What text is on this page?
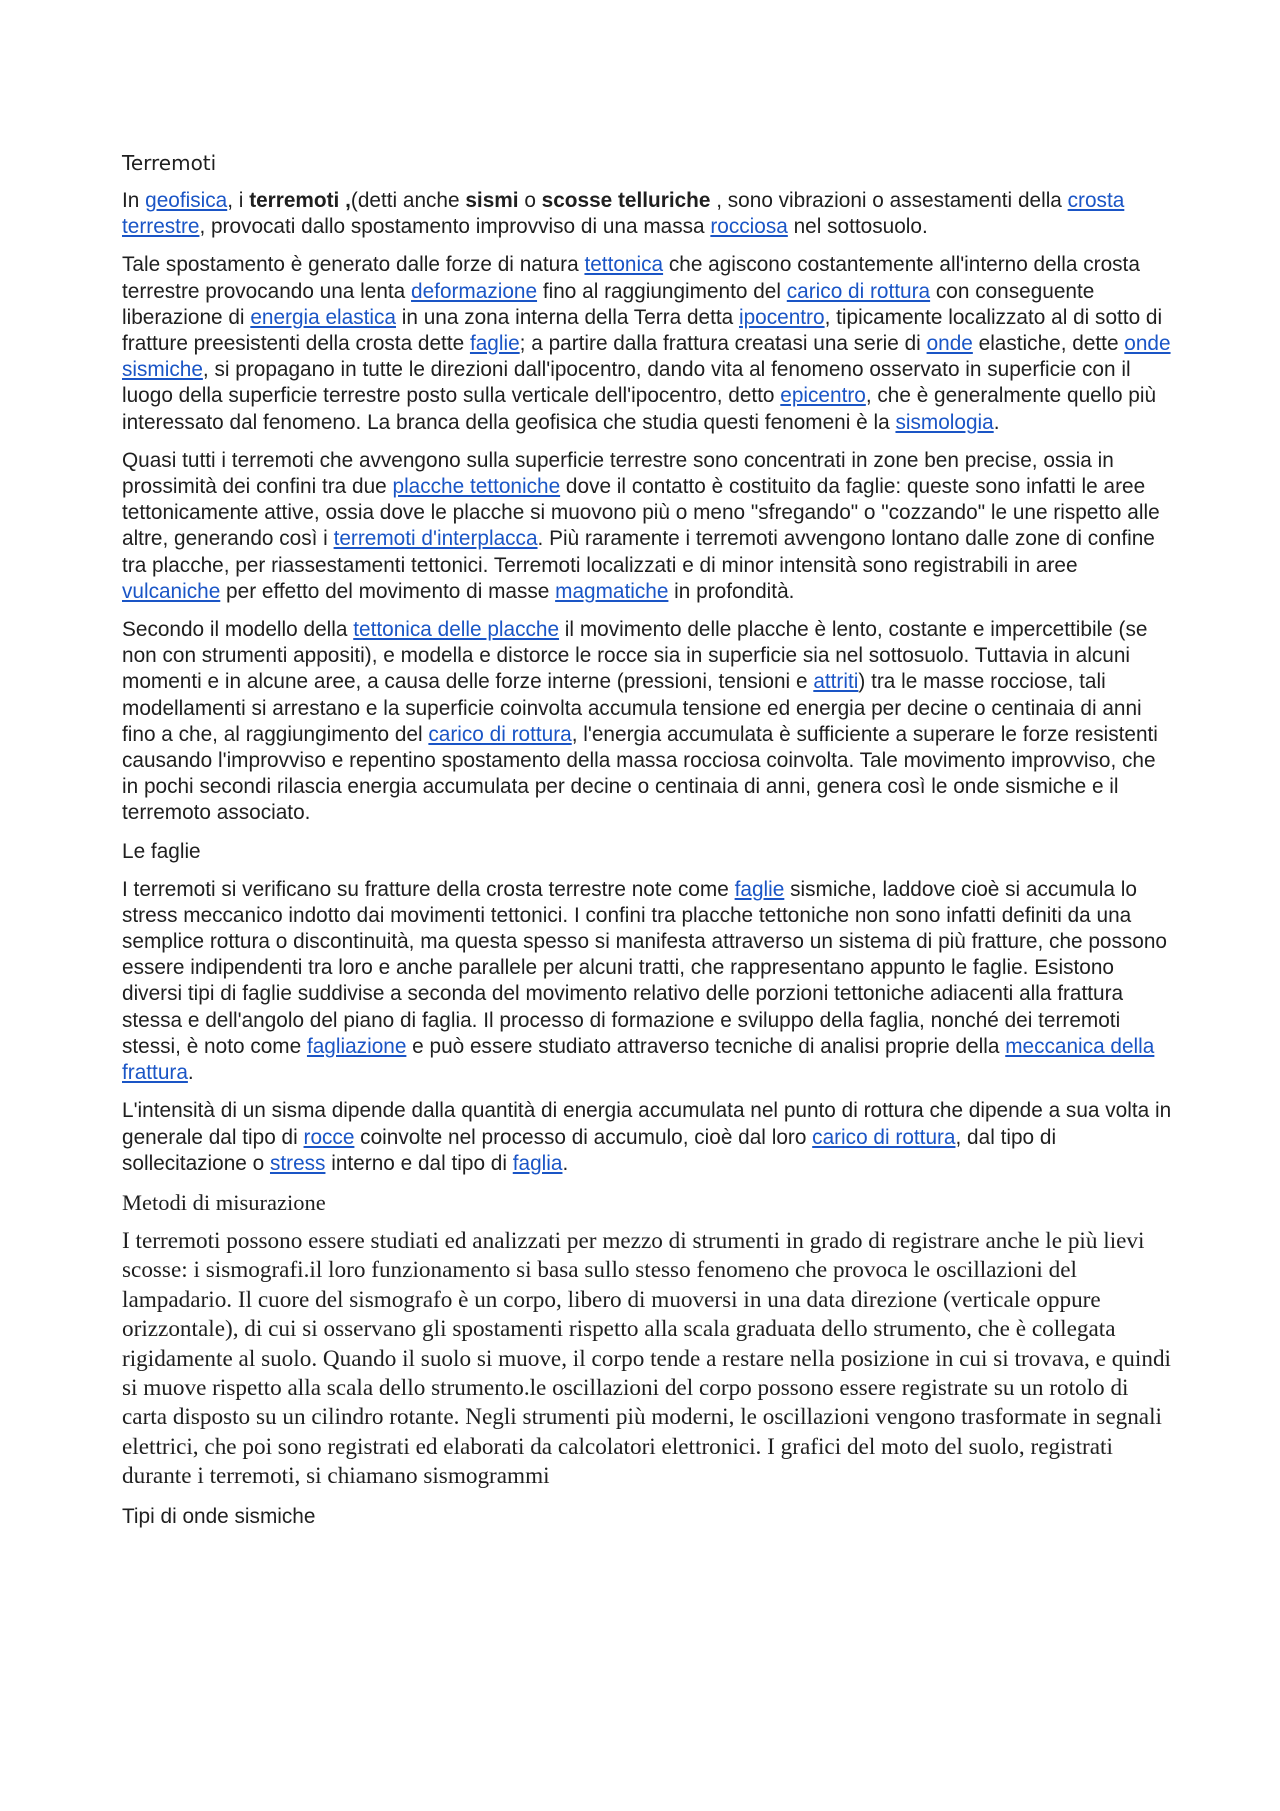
Terremoti

In geofisica, i terremoti ,(detti anche sismi o scosse telluriche , sono vibrazioni o assestamenti della crosta terrestre, provocati dallo spostamento improvviso di una massa rocciosa nel sottosuolo.

Tale spostamento è generato dalle forze di natura tettonica che agiscono costantemente all'interno della crosta terrestre provocando una lenta deformazione fino al raggiungimento del carico di rottura con conseguente liberazione di energia elastica in una zona interna della Terra detta ipocentro, tipicamente localizzato al di sotto di fratture preesistenti della crosta dette faglie; a partire dalla frattura creatasi una serie di onde elastiche, dette onde sismiche, si propagano in tutte le direzioni dall'ipocentro, dando vita al fenomeno osservato in superficie con il luogo della superficie terrestre posto sulla verticale dell'ipocentro, detto epicentro, che è generalmente quello più interessato dal fenomeno. La branca della geofisica che studia questi fenomeni è la sismologia.

Quasi tutti i terremoti che avvengono sulla superficie terrestre sono concentrati in zone ben precise, ossia in prossimità dei confini tra due placche tettoniche dove il contatto è costituito da faglie: queste sono infatti le aree tettonicamente attive, ossia dove le placche si muovono più o meno "sfregando" o "cozzando" le une rispetto alle altre, generando così i terremoti d'interplacca. Più raramente i terremoti avvengono lontano dalle zone di confine tra placche, per riassestamenti tettonici. Terremoti localizzati e di minor intensità sono registrabili in aree vulcaniche per effetto del movimento di masse magmatiche in profondità.

Secondo il modello della tettonica delle placche il movimento delle placche è lento, costante e impercettibile (se non con strumenti appositi), e modella e distorce le rocce sia in superficie sia nel sottosuolo. Tuttavia in alcuni momenti e in alcune aree, a causa delle forze interne (pressioni, tensioni e attriti) tra le masse rocciose, tali modellamenti si arrestano e la superficie coinvolta accumula tensione ed energia per decine o centinaia di anni fino a che, al raggiungimento del carico di rottura, l'energia accumulata è sufficiente a superare le forze resistenti causando l'improvviso e repentino spostamento della massa rocciosa coinvolta. Tale movimento improvviso, che in pochi secondi rilascia energia accumulata per decine o centinaia di anni, genera così le onde sismiche e il terremoto associato.

Le faglie

I terremoti si verificano su fratture della crosta terrestre note come faglie sismiche, laddove cioè si accumula lo stress meccanico indotto dai movimenti tettonici. I confini tra placche tettoniche non sono infatti definiti da una semplice rottura o discontinuità, ma questa spesso si manifesta attraverso un sistema di più fratture, che possono essere indipendenti tra loro e anche parallele per alcuni tratti, che rappresentano appunto le faglie. Esistono diversi tipi di faglie suddivise a seconda del movimento relativo delle porzioni tettoniche adiacenti alla frattura stessa e dell'angolo del piano di faglia. Il processo di formazione e sviluppo della faglia, nonché dei terremoti stessi, è noto come fagliazione e può essere studiato attraverso tecniche di analisi proprie della meccanica della frattura.

L'intensità di un sisma dipende dalla quantità di energia accumulata nel punto di rottura che dipende a sua volta in generale dal tipo di rocce coinvolte nel processo di accumulo, cioè dal loro carico di rottura, dal tipo di sollecitazione o stress interno e dal tipo di faglia.

Metodi di misurazione

I terremoti possono essere studiati ed analizzati per mezzo di strumenti in grado di registrare anche le più lievi scosse: i sismografi.il loro funzionamento si basa sullo stesso fenomeno che provoca le oscillazioni del lampadario. Il cuore del sismografo è un corpo, libero di muoversi in una data direzione (verticale oppure orizzontale), di cui si osservano gli spostamenti rispetto alla scala graduata dello strumento, che è collegata rigidamente al suolo. Quando il suolo si muove, il corpo tende a restare nella posizione in cui si trovava, e quindi si muove rispetto alla scala dello strumento.le oscillazioni del corpo possono essere registrate su un rotolo di carta disposto su un cilindro rotante. Negli strumenti più moderni, le oscillazioni vengono trasformate in segnali elettrici, che poi sono registrati ed elaborati da calcolatori elettronici. I grafici del moto del suolo, registrati durante i terremoti, si chiamano sismogrammi

Tipi di onde sismiche
